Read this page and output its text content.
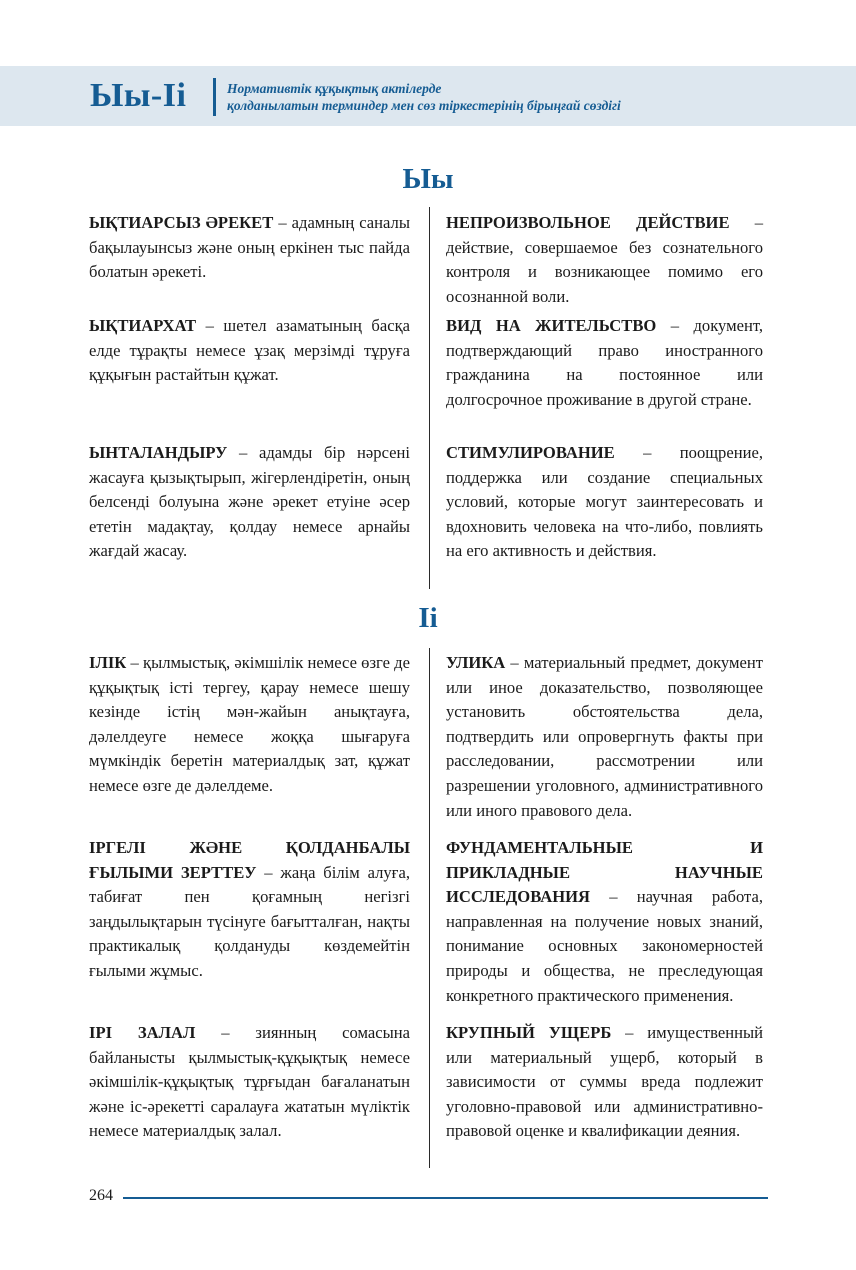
Ыы-Іі	Нормативтік құқықтық актілерде
қолданылатын терминдер мен сөз тіркестерінің бірыңғай сөздігі
Ыы
ЫҚТИАРСЫЗ ӘРЕКЕТ – адамның саналы бақылауынсыз және оның еркінен тыс пайда болатын әрекеті.
НЕПРОИЗВОЛЬНОЕ ДЕЙСТВИЕ – действие, совершаемое без сознательного контроля и возникающее помимо его осознанной воли.
ЫҚТИАРХАТ – шетел азаматының басқа елде тұрақты немесе ұзақ мерзімді тұруға құқығын растайтын құжат.
ВИД НА ЖИТЕЛЬСТВО – документ, подтверждающий право иностранного гражданина на постоянное или долгосрочное проживание в другой стране.
ЫНТАЛАНДЫРУ – адамды бір нәрсені жасауға қызықтырып, жігерлендіретін, оның белсенді болуына және әрекет етуіне әсер ететін мадақтау, қолдау немесе арнайы жағдай жасау.
СТИМУЛИРОВАНИЕ – поощрение, поддержка или создание специальных условий, которые могут заинтересовать и вдохновить человека на что-либо, повлиять на его активность и действия.
Іі
ІЛІК – қылмыстық, әкімшілік немесе өзге де құқықтық істі тергеу, қарау немесе шешу кезінде істің мән-жайын анықтауға, дәлелдеуге немесе жоққа шығаруға мүмкіндік беретін материалдық зат, құжат немесе өзге де дәлелдеме.
УЛИКА – материальный предмет, документ или иное доказательство, позволяющее установить обстоятельства дела, подтвердить или опровергнуть факты при расследовании, рассмотрении или разрешении уголовного, административного или иного правового дела.
ІРГЕЛІ ЖӘНЕ ҚОЛДАНБАЛЫ ҒЫЛЫМИ ЗЕРТТЕУ – жаңа білім алуға, табиғат пен қоғамның негізгі заңдылықтарын түсінуге бағытталған, нақты практикалық қолдануды көздемейтін ғылыми жұмыс.
ФУНДАМЕНТАЛЬНЫЕ И ПРИКЛАДНЫЕ НАУЧНЫЕ ИССЛЕДОВАНИЯ – научная работа, направленная на получение новых знаний, понимание основных закономерностей природы и общества, не преследующая конкретного практического применения.
ІРІ ЗАЛАЛ – зиянның сомасына байланысты қылмыстық-құқықтық немесе әкімшілік-құқықтық тұрғыдан бағаланатын және іс-әрекетті саралауға жататын мүліктік немесе материалдық залал.
КРУПНЫЙ УЩЕРБ – имущественный или материальный ущерб, который в зависимости от суммы вреда подлежит уголовно-правовой или административно-правовой оценке и квалификации деяния.
264
